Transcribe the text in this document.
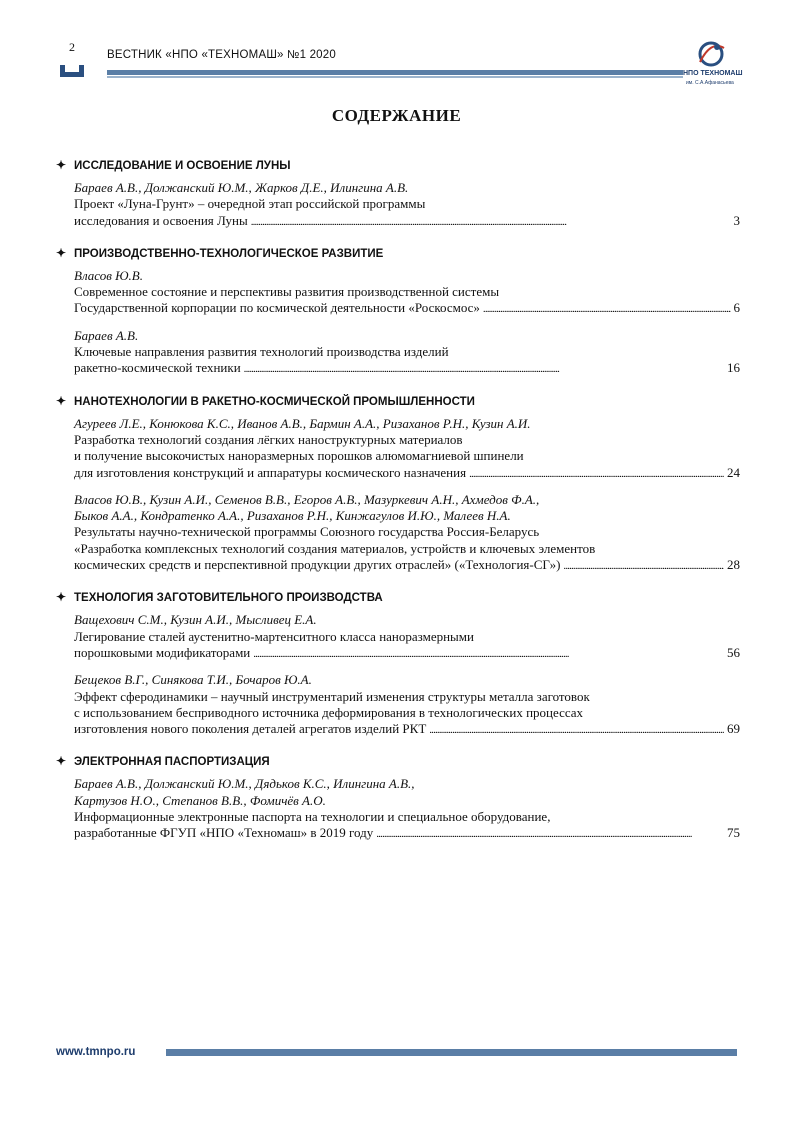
2
ВЕСТНИК «НПО «ТЕХНОМАШ» №1 2020
НПО ТЕХНОМАШ
им. С.А.Афанасьева
СОДЕРЖАНИЕ
✦ ИССЛЕДОВАНИЕ И ОСВОЕНИЕ ЛУНЫ
Бараев А.В., Должанский Ю.М., Жарков Д.Е., Илингина А.В.
Проект «Луна-Грунт» – очередной этап российской программы
исследования и освоения Луны . . .	3
✦ ПРОИЗВОДСТВЕННО-ТЕХНОЛОГИЧЕСКОЕ РАЗВИТИЕ
Власов Ю.В.
Современное состояние и перспективы развития производственной системы
Государственной корпорации по космической деятельности «Роскосмос» . . .	6
Бараев А.В.
Ключевые направления развития технологий производства изделий
ракетно-космической техники . . .	16
✦ НАНОТЕХНОЛОГИИ В РАКЕТНО-КОСМИЧЕСКОЙ ПРОМЫШЛЕННОСТИ
Агуреев Л.Е., Конюкова К.С., Иванов А.В., Бармин А.А., Ризаханов Р.Н., Кузин А.И.
Разработка технологий создания лёгких наноструктурных материалов
и получение высокочистых наноразмерных порошков алюмомагниевой шпинели
для изготовления конструкций и аппаратуры космического назначения . . .	24
Власов Ю.В., Кузин А.И., Семенов В.В., Егоров А.В., Мазуркевич А.Н., Ахмедов Ф.А.,
Быков А.А., Кондратенко А.А., Ризаханов Р.Н., Кинжагулов И.Ю., Малеев Н.А.
Результаты научно-технической программы Союзного государства Россия-Беларусь
«Разработка комплексных технологий создания материалов, устройств и ключевых элементов
космических средств и перспективной продукции других отраслей» («Технология-СГ») . . .	28
✦ ТЕХНОЛОГИЯ ЗАГОТОВИТЕЛЬНОГО ПРОИЗВОДСТВА
Ващехович С.М., Кузин А.И., Мысливец Е.А.
Легирование сталей аустенитно-мартенситного класса наноразмерными
порошковыми модификаторами . . .	56
Бещеков В.Г., Синякова Т.И., Бочаров Ю.А.
Эффект сферодинамики – научный инструментарий изменения структуры металла заготовок
с использованием беспривoдного источника деформирования в технологических процессах
изготовления нового поколения деталей агрегатов изделий РКТ . . .	69
✦ ЭЛЕКТРОННАЯ ПАСПОРТИЗАЦИЯ
Бараев А.В., Должанский Ю.М., Дядьков К.С., Илингина А.В.,
Картузов Н.О., Степанов В.В., Фомичёв А.О.
Информационные электронные паспорта на технологии и специальное оборудование,
разработанные ФГУП «НПО «Техномаш» в 2019 году . . .	75
www.tmnpo.ru
